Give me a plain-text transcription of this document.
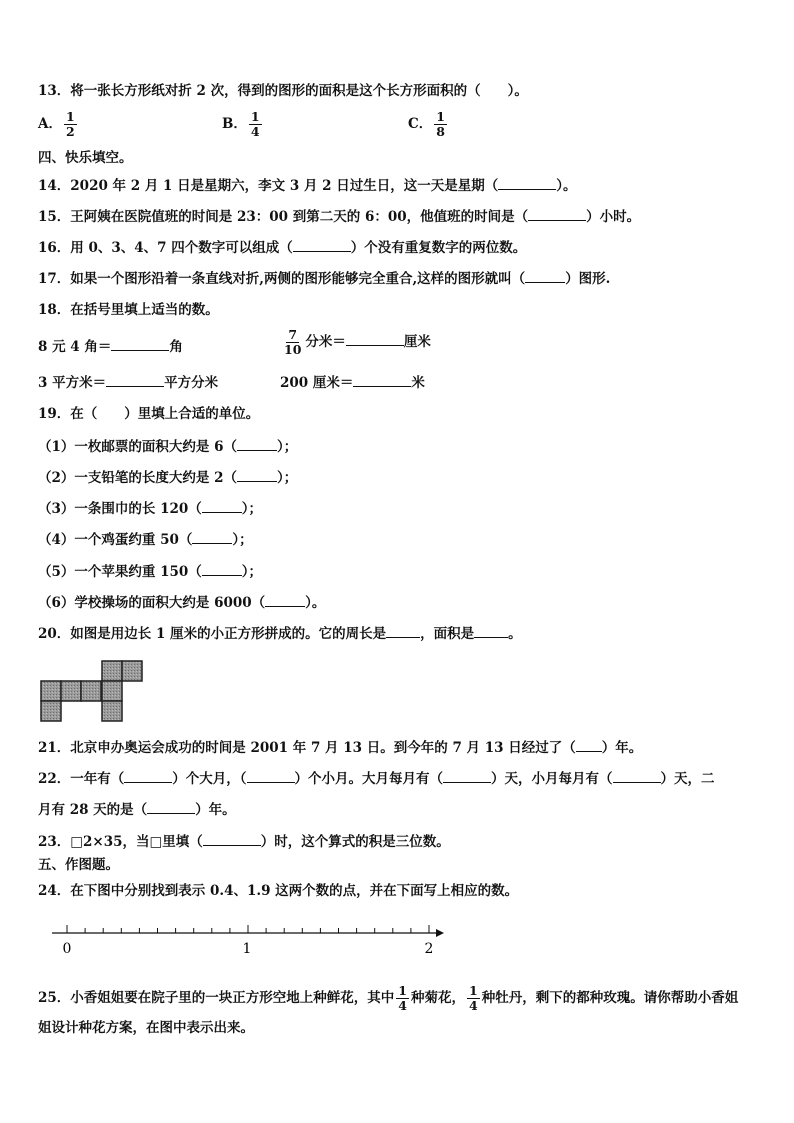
13．将一张长方形纸对折 2 次，得到的图形的面积是这个长方形面积的（　　）。
A． $\frac{1}{2}$	B． $\frac{1}{4}$	C． $\frac{1}{8}$
四、快乐填空。
14．2020 年 2 月 1 日是星期六，李文 3 月 2 日过生日，这一天是星期（	）。
15．王阿姨在医院值班的时间是 23：00 到第二天的 6：00，他值班的时间是（	）小时。
16．用 0、3、4、7 四个数字可以组成（	）个没有重复数字的两位数。
17．如果一个图形沿着一条直线对折,两侧的图形能够完全重合,这样的图形就叫（	）图形.
18．在括号里填上适当的数。
8 元 4 角＝	角	$\frac{7}{10}$ 分米＝	厘米
3 平方米＝	平方分米	200 厘米＝	米
19．在（　　）里填上合适的单位。
（1）一枚邮票的面积大约是 6（	）；
（2）一支铅笔的长度大约是 2（	）；
（3）一条围巾的长 120（	）；
（4）一个鸡蛋约重 50（	）；
（5）一个苹果约重 150（	）；
（6）学校操场的面积大约是 6000（	）。
20．如图是用边长 1 厘米的小正方形拼成的。它的周长是	，面积是	。
21．北京申办奥运会成功的时间是 2001 年 7 月 13 日。到今年的 7 月 13 日经过了（ ）年。
22．一年有（	）个大月，（	）个小月。大月每月有（	）天，小月每月有（	）天，二
月有 28 天的是（	）年。
23．□2×35，当□里填（	）时，这个算式的积是三位数。
五、作图题。
24．在下图中分别找到表示 0.4、1.9 这两个数的点，并在下面写上相应的数。
0	1	2
25．小香姐姐要在院子里的一块正方形空地上种鲜花，其中 $\frac{1}{4}$ 种菊花， $\frac{1}{4}$ 种牡丹，剩下的都种玫瑰。请你帮助小香姐
姐设计种花方案，在图中表示出来。
